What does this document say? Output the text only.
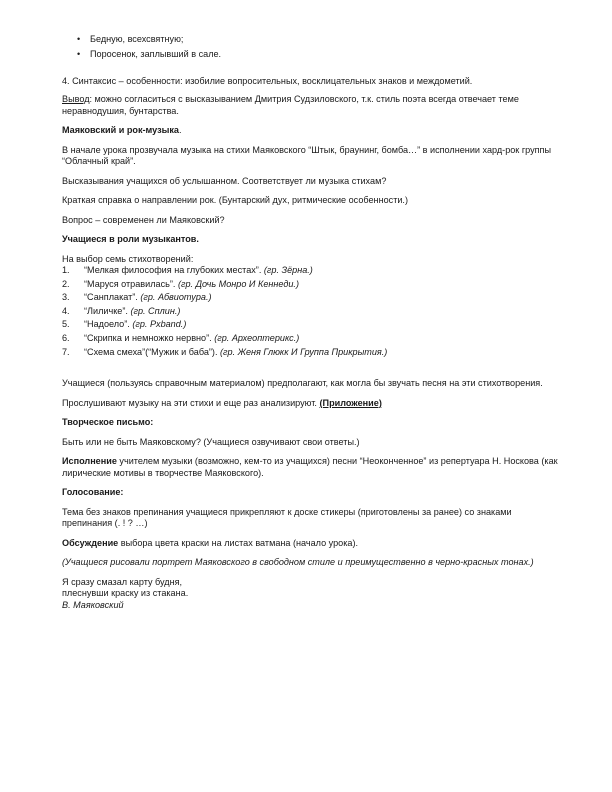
• Бедную, всехсвятную;
• Поросенок, заплывший в сале.

4. Синтаксис – особенности: изобилие вопросительных, восклицательных знаков и междометий.

Вывод: можно согласиться с высказыванием Дмитрия Судзиловского, т.к. стиль поэта всегда отвечает теме неравнодушия, бунтарства.

Маяковский и рок-музыка.

В начале урока прозвучала музыка на стихи Маяковского “Штык, браунинг, бомба…” в исполнении хард-рок группы “Облачный край”.

Высказывания учащихся об услышанном. Соответствует ли музыка стихам?

Краткая справка о направлении рок. (Бунтарский дух, ритмические особенности.)

Вопрос – современен ли Маяковский?

Учащиеся в роли музыкантов.

На выбор семь стихотворений:

1.	“Мелкая философия на глубоких местах”. (гр. Зёрна.)
2.	“Маруся отравилась”. (гр. Дочь Монро И Кеннеди.)
3.	“Санплакат”. (гр. Абвиотура.)
4.	“Лиличке”. (гр. Сплин.)
5.	“Надоело”. (гр. Pxband.)
6.	“Скрипка и немножко нервно”. (гр. Археоптерикс.)
7.	“Схема смеха”(“Мужик и баба”). (гр. Женя Глюкк И Группа Прикрытия.)

Учащиеся (пользуясь справочным материалом) предполагают, как могла бы звучать песня на эти стихотворения.

Прослушивают музыку на эти стихи и еще раз анализируют. (Приложение)

Творческое письмо:

Быть или не быть Маяковскому? (Учащиеся озвучивают свои ответы.)

Исполнение учителем музыки (возможно, кем-то из учащихся) песни “Неоконченное” из репертуара Н. Носкова (как лирические мотивы в творчестве Маяковского).

Голосование:

Тема без знаков препинания учащиеся прикрепляют к доске стикеры (приготовлены за ранее) со знаками препинания (. ! ? …)

Обсуждение выбора цвета краски на листах ватмана (начало урока).

(Учащиеся рисовали портрет Маяковского в свободном стиле и преимущественно в черно-красных тонах.)

Я сразу смазал карту будня,

плеснувши краску из стакана.

В. Маяковский
